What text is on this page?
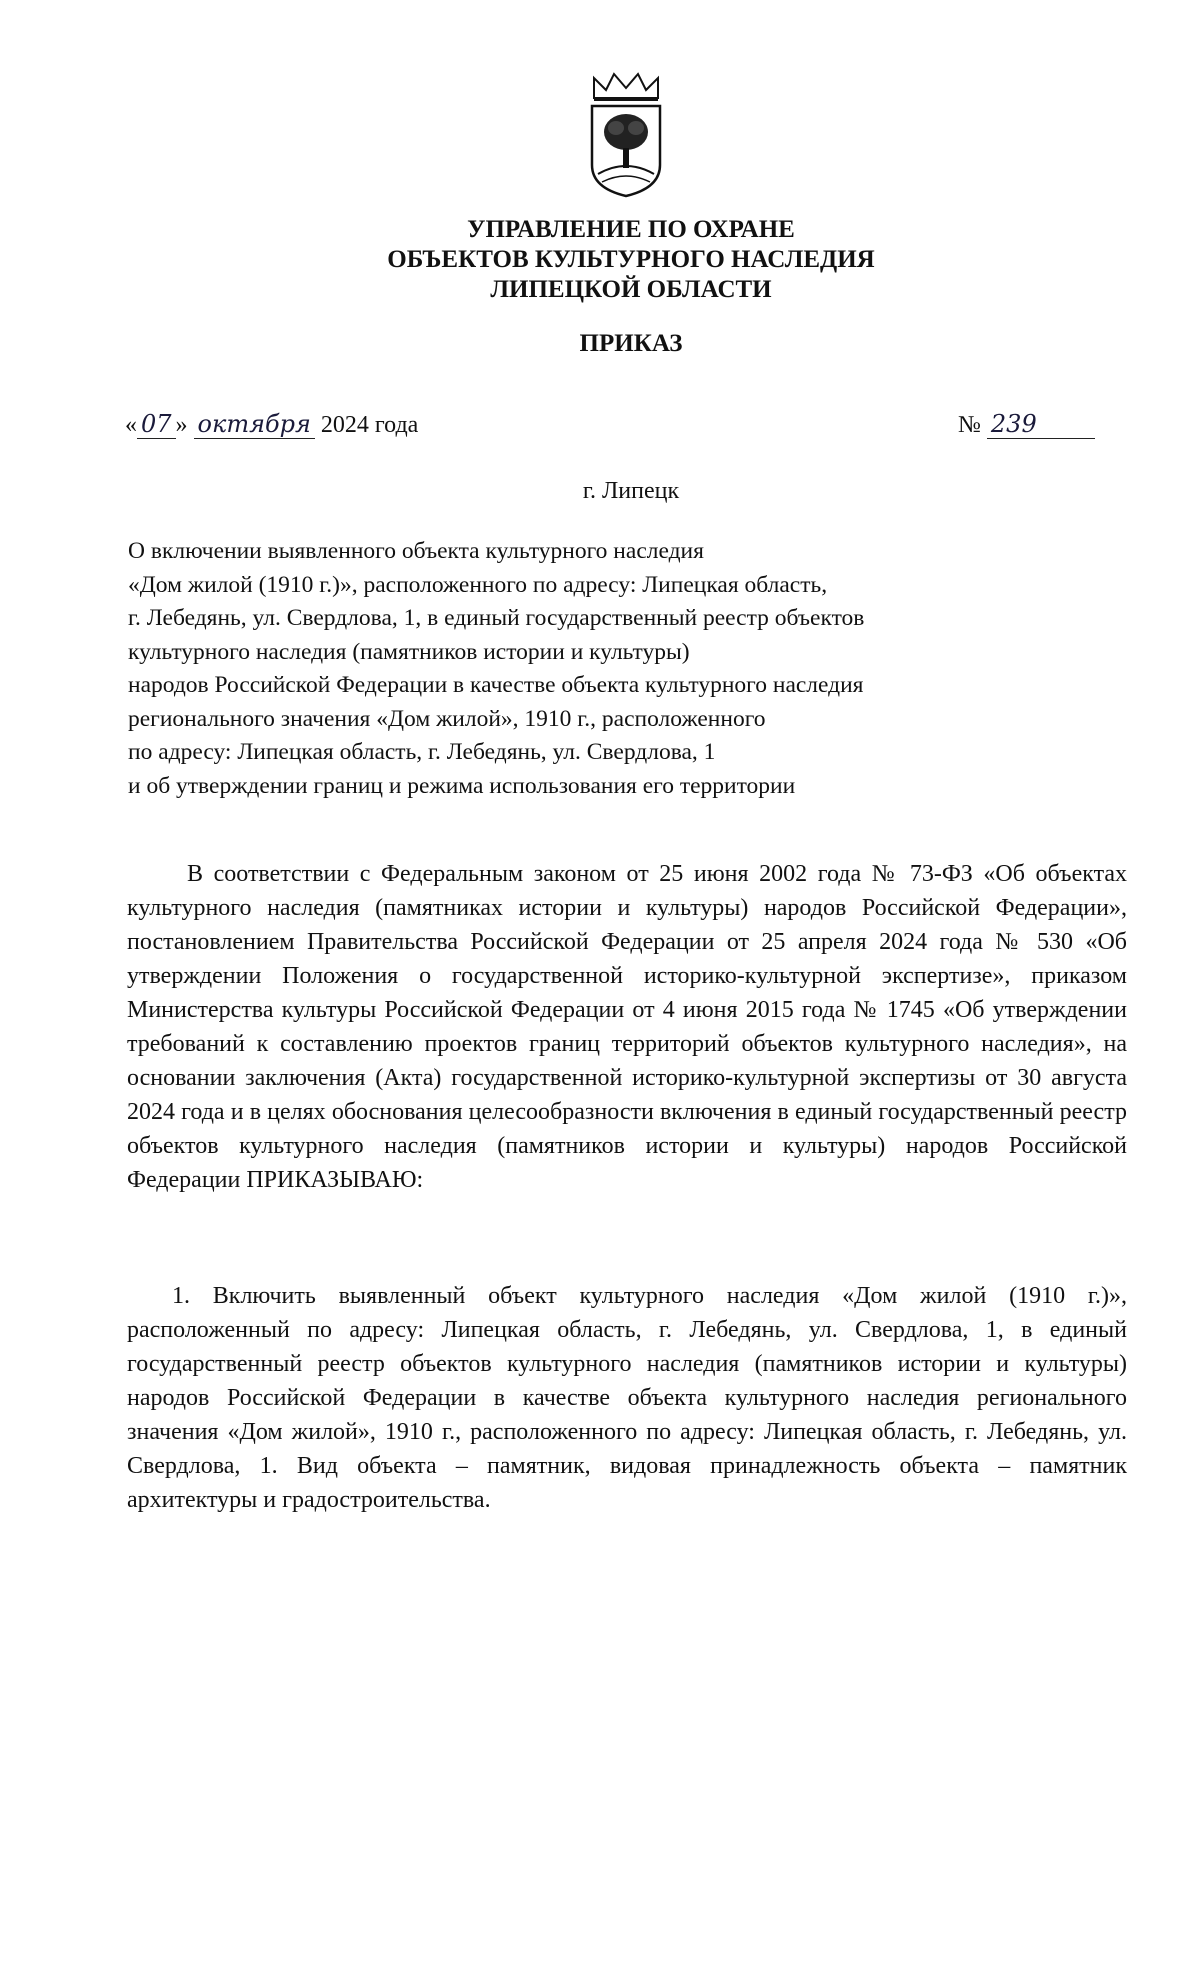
УПРАВЛЕНИЕ ПО ОХРАНЕ
ОБЪЕКТОВ КУЛЬТУРНОГО НАСЛЕДИЯ
ЛИПЕЦКОЙ ОБЛАСТИ
ПРИКАЗ
« 07 » октября 2024 года	№ 239
г. Липецк
О включении выявленного объекта культурного наследия
«Дом жилой (1910 г.)», расположенного по адресу: Липецкая область,
г. Лебедянь, ул. Свердлова, 1, в единый государственный реестр объектов
культурного наследия (памятников истории и культуры)
народов Российской Федерации в качестве объекта культурного наследия
регионального значения «Дом жилой», 1910 г., расположенного
по адресу: Липецкая область, г. Лебедянь, ул. Свердлова, 1
и об утверждении границ и режима использования его территории
В соответствии с Федеральным законом от 25 июня 2002 года № 73-ФЗ «Об объектах культурного наследия (памятниках истории и культуры) народов Российской Федерации», постановлением Правительства Российской Федерации от 25 апреля 2024 года № 530 «Об утверждении Положения о государственной историко-культурной экспертизе», приказом Министерства культуры Российской Федерации от 4 июня 2015 года № 1745 «Об утверждении требований к составлению проектов границ территорий объектов культурного наследия», на основании заключения (Акта) государственной историко-культурной экспертизы от 30 августа 2024 года и в целях обоснования целесообразности включения в единый государственный реестр объектов культурного наследия (памятников истории и культуры) народов Российской Федерации ПРИКАЗЫВАЮ:
1. Включить выявленный объект культурного наследия «Дом жилой (1910 г.)», расположенный по адресу: Липецкая область, г. Лебедянь, ул. Свердлова, 1, в единый государственный реестр объектов культурного наследия (памятников истории и культуры) народов Российской Федерации в качестве объекта культурного наследия регионального значения «Дом жилой», 1910 г., расположенного по адресу: Липецкая область, г. Лебедянь, ул. Свердлова, 1. Вид объекта – памятник, видовая принадлежность объекта – памятник архитектуры и градостроительства.
